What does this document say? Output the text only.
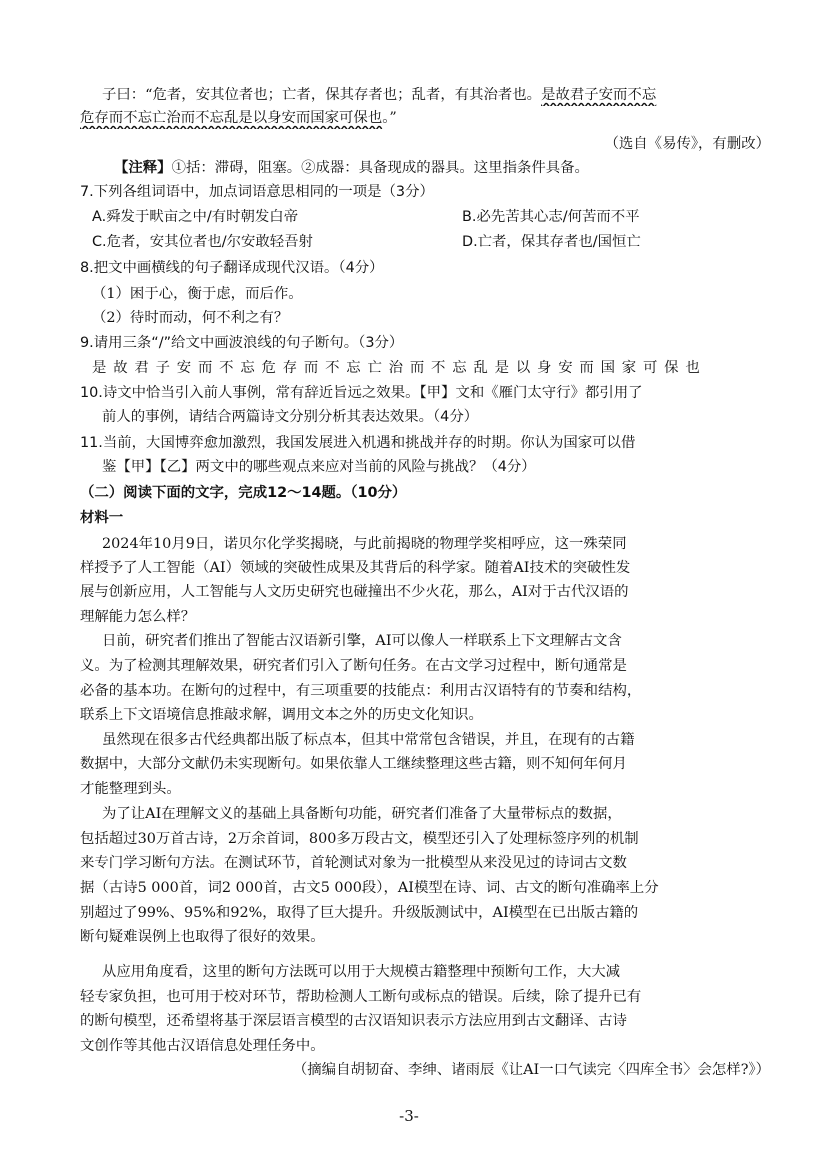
子曰：“危者，安其位者也；亡者，保其存者也；乱者，有其治者也。是故君子安而不忘
危存而不忘亡治而不忘乱是以身安而国家可保也。”
（选自《易传》，有删改）
【注释】①括：滞碍，阻塞。②成器：具备现成的器具。这里指条件具备。
7.下列各组词语中，加点词语意思相同的一项是（3分）
A.舜发于畎亩之中/有时朝发白帝	B.必先苦其心志/何苦而不平
C.危者，安其位者也/尔安敢轻吾射	D.亡者，保其存者也/国恒亡
8.把文中画横线的句子翻译成现代汉语。（4分）
（1）困于心，衡于虑，而后作。
（2）待时而动，何不利之有？
9.请用三条“/”给文中画波浪线的句子断句。（3分）
是故君子安而不忘危存而不忘亡治而不忘乱是以身安而国家可保也
10.诗文中恰当引入前人事例，常有辞近旨远之效果。【甲】文和《雁门太守行》都引用了
前人的事例，请结合两篇诗文分别分析其表达效果。（4分）
11.当前，大国博弈愈加激烈，我国发展进入机遇和挑战并存的时期。你认为国家可以借
鉴【甲】【乙】两文中的哪些观点来应对当前的风险与挑战？（4分）
（二）阅读下面的文字，完成12～14题。（10分）
材料一
2024年10月9日，诺贝尔化学奖揭晓，与此前揭晓的物理学奖相呼应，这一殊荣同
样授予了人工智能（AI）领域的突破性成果及其背后的科学家。随着AI技术的突破性发
展与创新应用，人工智能与人文历史研究也碰撞出不少火花，那么，AI对于古代汉语的
理解能力怎么样？
日前，研究者们推出了智能古汉语新引擎，AI可以像人一样联系上下文理解古文含
义。为了检测其理解效果，研究者们引入了断句任务。在古文学习过程中，断句通常是
必备的基本功。在断句的过程中，有三项重要的技能点：利用古汉语特有的节奏和结构，
联系上下文语境信息推敲求解，调用文本之外的历史文化知识。
虽然现在很多古代经典都出版了标点本，但其中常常包含错误，并且，在现有的古籍
数据中，大部分文献仍未实现断句。如果依靠人工继续整理这些古籍，则不知何年何月
才能整理到头。
为了让AI在理解文义的基础上具备断句功能，研究者们准备了大量带标点的数据，
包括超过30万首古诗，2万余首词，800多万段古文，模型还引入了处理标签序列的机制
来专门学习断句方法。在测试环节，首轮测试对象为一批模型从来没见过的诗词古文数
据（古诗5 000首，词2 000首，古文5 000段），AI模型在诗、词、古文的断句准确率上分
别超过了99%、95%和92%，取得了巨大提升。升级版测试中，AI模型在已出版古籍的
断句疑难误例上也取得了很好的效果。
从应用角度看，这里的断句方法既可以用于大规模古籍整理中预断句工作，大大减
轻专家负担，也可用于校对环节，帮助检测人工断句或标点的错误。后续，除了提升已有
的断句模型，还希望将基于深层语言模型的古汉语知识表示方法应用到古文翻译、古诗
文创作等其他古汉语信息处理任务中。
（摘编自胡韧奋、李绅、诸雨辰《让AI一口气读完〈四库全书〉会怎样?》）
-3-
